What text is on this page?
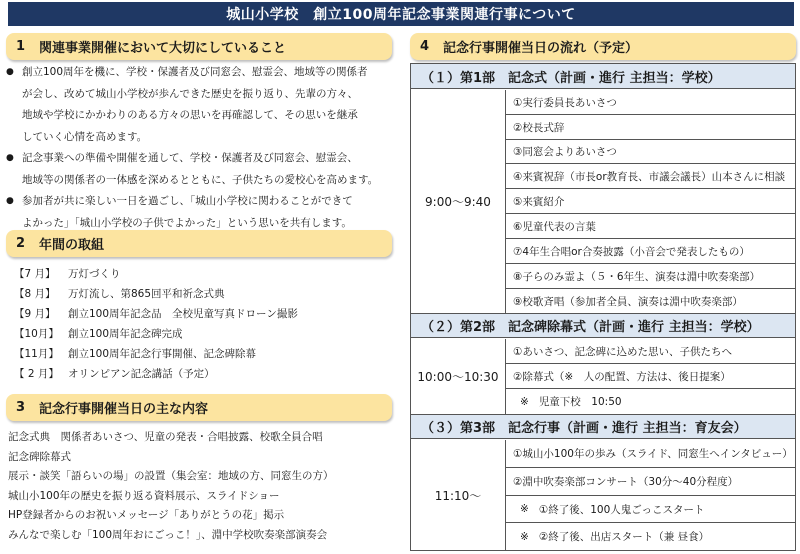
城山小学校　創立100周年記念事業関連行事について
1 関連事業開催において大切にしていること
● 創立100周年を機に、学校・保護者及び同窓会、慰霊会、地域等の関係者
が会し、改めて城山小学校が歩んできた歴史を振り返り、先輩の方々、
地域や学校にかかわりのある方々の思いを再確認して、その思いを継承
していく心情を高めます。
● 記念事業への準備や開催を通して、学校・保護者及び同窓会、慰霊会、
地域等の関係者の一体感を深めるとともに、子供たちの愛校心を高めます。
● 参加者が共に楽しい一日を過ごし、「城山小学校に関わることができて
よかった」「城山小学校の子供でよかった」という思いを共有します。
2 年間の取組
【7 月】	万灯づくり
【8 月】	万灯流し、第865回平和祈念式典
【9 月】	創立100周年記念品　全校児童写真ドローン撮影
【10月】 創立100周年記念碑完成
【11月】 創立100周年記念行事開催、記念碑除幕
【 2 月】 オリンピアン記念講話（予定）
3 記念行事開催当日の主な内容
記念式典　関係者あいさつ、児童の発表・合唱披露、校歌全員合唱
記念碑除幕式
展示・談笑「語らいの場」の設置（集会室：地域の方、同窓生の方）
城山小100年の歴史を振り返る資料展示、スライドショー
HP登録者からのお祝いメッセージ「ありがとうの花」掲示
みんなで楽しむ「100周年おにごっこ！」、淵中学校吹奏楽部演奏会
4 記念行事開催当日の流れ（予定）
（１）第1部　記念式（計画・進行 主担当：学校）
9:00～9:40
①実行委員長あいさつ
②校長式辞
③同窓会よりあいさつ
④来賓祝辞（市長or教育長、市議会議長）山本さんに相談
⑤来賓紹介
⑥児童代表の言葉
⑦4年生合唱or合奏披露（小音会で発表したもの）
⑧子らのみ霊よ（５・6年生、演奏は淵中吹奏楽部）
⑨校歌斉唱（参加者全員、演奏は淵中吹奏楽部）
（２）第2部　記念碑除幕式（計画・進行 主担当：学校）
10:00～10:30
①あいさつ、記念碑に込めた思い、子供たちへ
②除幕式（※　人の配置、方法は、後日提案）
※ 児童下校　10:50
（３）第3部　記念行事（計画・進行 主担当：育友会）
11:10～
①城山小100年の歩み（スライド、同窓生へインタビュー）
②淵中吹奏楽部コンサート（30分～40分程度）
※ ①終了後、100人鬼ごっこスタート
※ ②終了後、出店スタート（兼 昼食）
